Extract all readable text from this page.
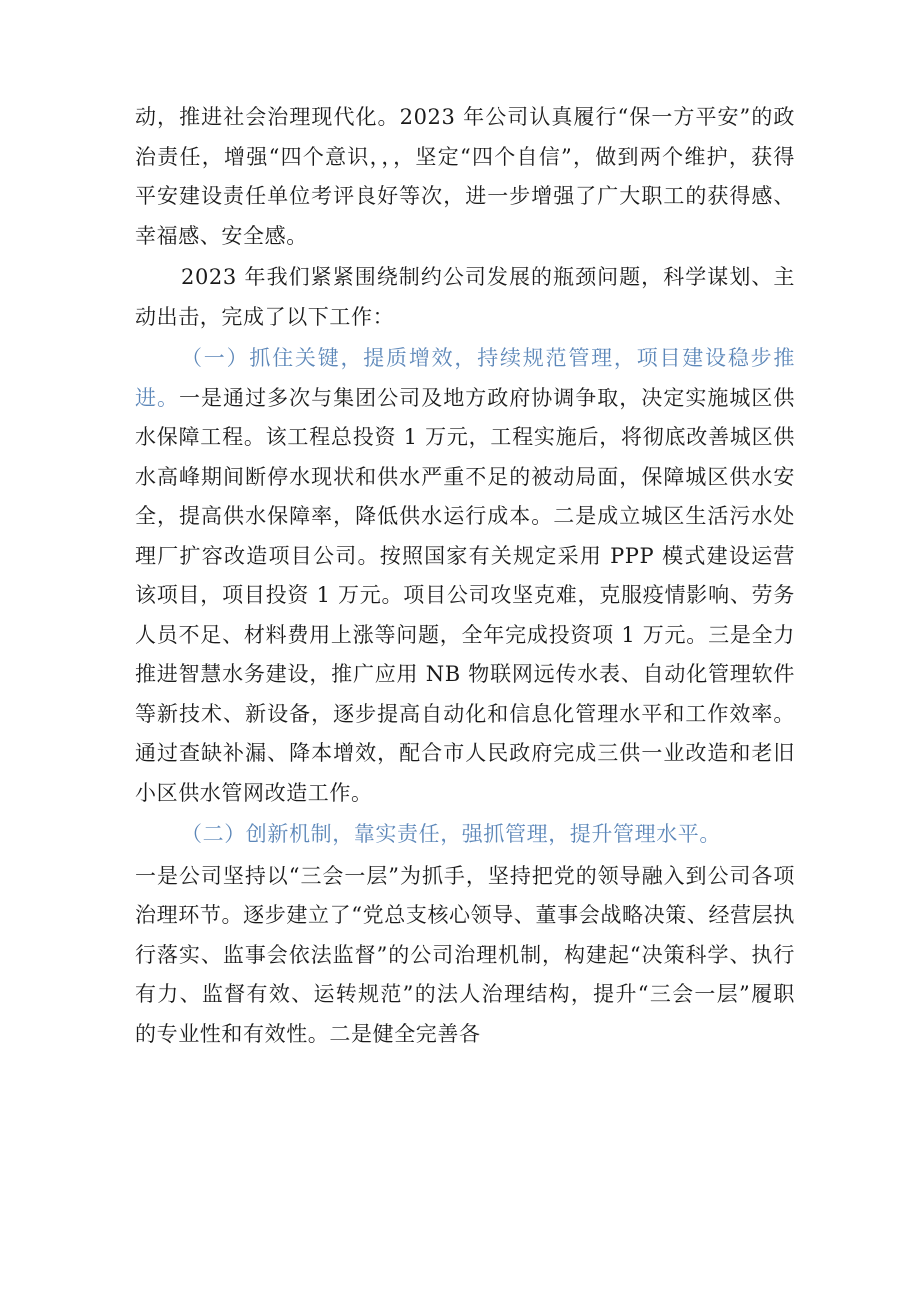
动，推进社会治理现代化。2023 年公司认真履行“保一方平安”的政治责任，增强“四个意识，，，坚定“四个自信”，做到两个维护，获得平安建设责任单位考评良好等次，进一步增强了广大职工的获得感、幸福感、安全感。

2023 年我们紧紧围绕制约公司发展的瓶颈问题，科学谋划、主动出击，完成了以下工作：

（一）抓住关键，提质增效，持续规范管理，项目建设稳步推进。一是通过多次与集团公司及地方政府协调争取，决定实施城区供水保障工程。该工程总投资 1 万元，工程实施后，将彻底改善城区供水高峰期间断停水现状和供水严重不足的被动局面，保障城区供水安全，提高供水保障率，降低供水运行成本。二是成立城区生活污水处理厂扩容改造项目公司。按照国家有关规定采用 PPP 模式建设运营该项目，项目投资 1 万元。项目公司攻坚克难，克服疫情影响、劳务人员不足、材料费用上涨等问题，全年完成投资项 1 万元。三是全力推进智慧水务建设，推广应用 NB 物联网远传水表、自动化管理软件等新技术、新设备，逐步提高自动化和信息化管理水平和工作效率。通过查缺补漏、降本增效，配合市人民政府完成三供一业改造和老旧小区供水管网改造工作。

（二）创新机制，靠实责任，强抓管理，提升管理水平。

一是公司坚持以“三会一层”为抓手，坚持把党的领导融入到公司各项治理环节。逐步建立了“党总支核心领导、董事会战略决策、经营层执行落实、监事会依法监督”的公司治理机制，构建起“决策科学、执行有力、监督有效、运转规范”的法人治理结构，提升“三会一层”履职的专业性和有效性。二是健全完善各
